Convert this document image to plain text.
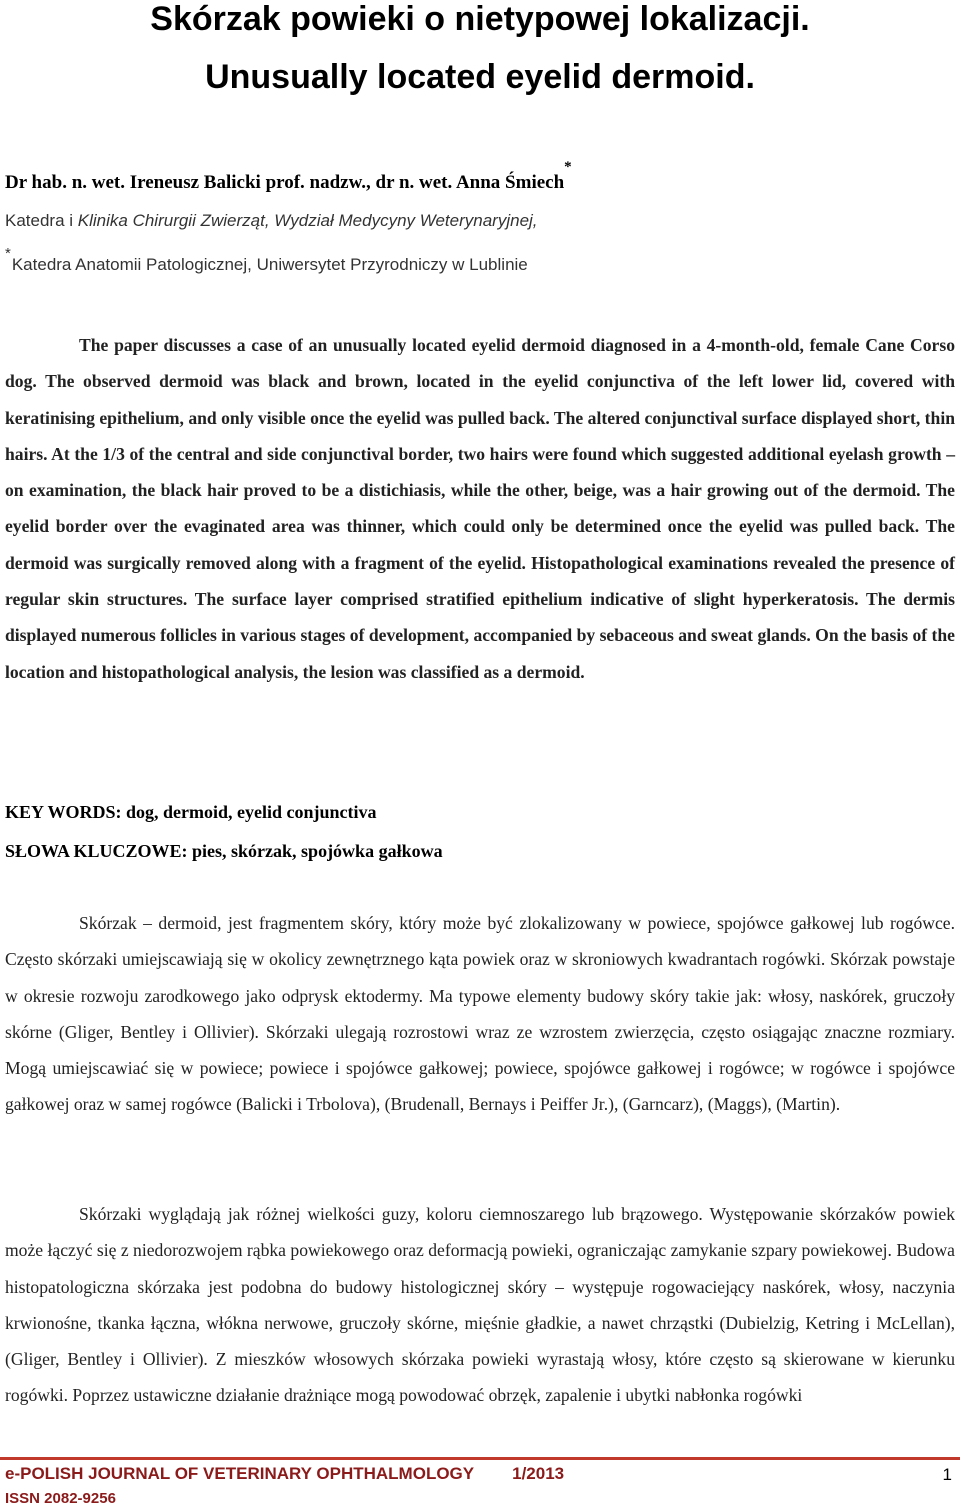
Skórzak powieki o nietypowej lokalizacji.
Unusually located eyelid dermoid.
Dr hab. n. wet. Ireneusz Balicki prof. nadzw., dr n. wet. Anna Śmiech*
Katedra i Klinika Chirurgii Zwierząt, Wydział Medycyny Weterynaryjnej,
*Katedra Anatomii Patologicznej, Uniwersytet Przyrodniczy w Lublinie

The paper discusses a case of an unusually located eyelid dermoid diagnosed in a 4-month-old, female Cane Corso dog. The observed dermoid was black and brown, located in the eyelid conjunctiva of the left lower lid, covered with keratinising epithelium, and only visible once the eyelid was pulled back. The altered conjunctival surface displayed short, thin hairs. At the 1/3 of the central and side conjunctival border, two hairs were found which suggested additional eyelash growth – on examination, the black hair proved to be a distichiasis, while the other, beige, was a hair growing out of the dermoid. The eyelid border over the evaginated area was thinner, which could only be determined once the eyelid was pulled back. The dermoid was surgically removed along with a fragment of the eyelid. Histopathological examinations revealed the presence of regular skin structures. The surface layer comprised stratified epithelium indicative of slight hyperkeratosis. The dermis displayed numerous follicles in various stages of development, accompanied by sebaceous and sweat glands. On the basis of the location and histopathological analysis, the lesion was classified as a dermoid.

KEY WORDS: dog, dermoid, eyelid conjunctiva
SŁOWA KLUCZOWE: pies, skórzak, spojówka gałkowa

Skórzak – dermoid, jest fragmentem skóry, który może być zlokalizowany w powiece, spojówce gałkowej lub rogówce. Często skórzaki umiejscawiają się w okolicy zewnętrznego kąta powiek oraz w skroniowych kwadrantach rogówki. Skórzak powstaje w okresie rozwoju zarodkowego jako odprysk ektodermy. Ma typowe elementy budowy skóry takie jak: włosy, naskórek, gruczoły skórne (Gliger, Bentley i Ollivier). Skórzaki ulegają rozrostowi wraz ze wzrostem zwierzęcia, często osiągając znaczne rozmiary. Mogą umiejscawiać się w powiece; powiece i spojówce gałkowej; powiece, spojówce gałkowej i rogówce; w rogówce i spojówce gałkowej oraz w samej rogówce (Balicki i Trbolova), (Brudenall, Bernays i Peiffer Jr.), (Garncarz), (Maggs), (Martin).

Skórzaki wyglądają jak różnej wielkości guzy, koloru ciemnoszarego lub brązowego. Występowanie skórzaków powiek może łączyć się z niedorozwojem rąbka powiekowego oraz deformacją powieki, ograniczając zamykanie szpary powiekowej. Budowa histopatologiczna skórzaka jest podobna do budowy histologicznej skóry – występuje rogowaciejący naskórek, włosy, naczynia krwionośne, tkanka łączna, włókna nerwowe, gruczoły skórne, mięśnie gładkie, a nawet chrząstki (Dubielzig, Ketring i McLellan), (Gliger, Bentley i Ollivier). Z mieszków włosowych skórzaka powieki wyrastają włosy, które często są skierowane w kierunku rogówki. Poprzez ustawiczne działanie drażniące mogą powodować obrzęk, zapalenie i ubytki nabłonka rogówki

e-POLISH JOURNAL OF VETERINARY OPHTHALMOLOGY 1/2013	1
ISSN 2082-9256
